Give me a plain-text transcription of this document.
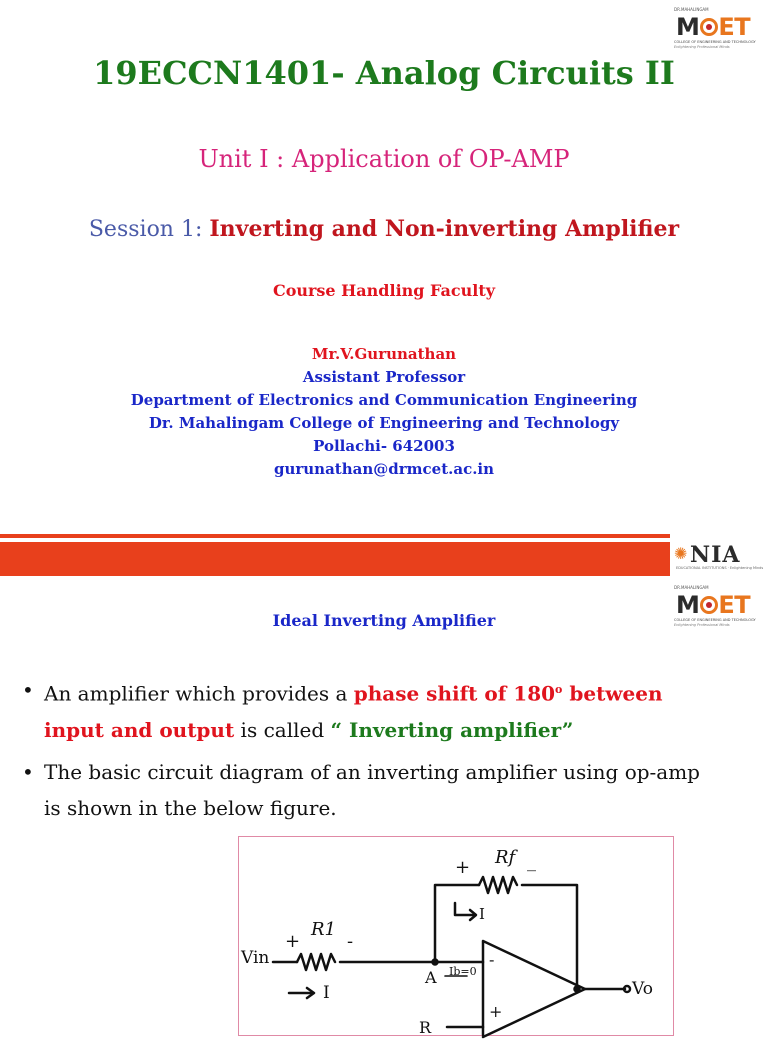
DR.MAHALINGAM
M ET
COLLEGE OF ENGINEERING AND TECHNOLOGY
Enlightening Professional Minds
19ECCN1401- Analog Circuits II
Unit I : Application of OP-AMP
Session 1: Inverting and Non-inverting Amplifier
Course Handling Faculty
Mr.V.Gurunathan
Assistant Professor
Department of Electronics and Communication Engineering
Dr. Mahalingam College of Engineering and Technology
Pollachi- 642003
gurunathan@drmcet.ac.in
✺ NIA
EDUCATIONAL INSTITUTIONS · Enlightening Minds
DR.MAHALINGAM
M ET
COLLEGE OF ENGINEERING AND TECHNOLOGY
Enlightening Professional Minds
Ideal Inverting Amplifier
• An amplifier which provides a phase shift of 180$^o$ between input and output is called “ Inverting amplifier”
• The basic circuit diagram of an inverting amplifier using op-amp is shown in the below figure.
Vin
R1
+	-
I
Rf
+	_
I
A Ib=0
-
+
R
Vo
